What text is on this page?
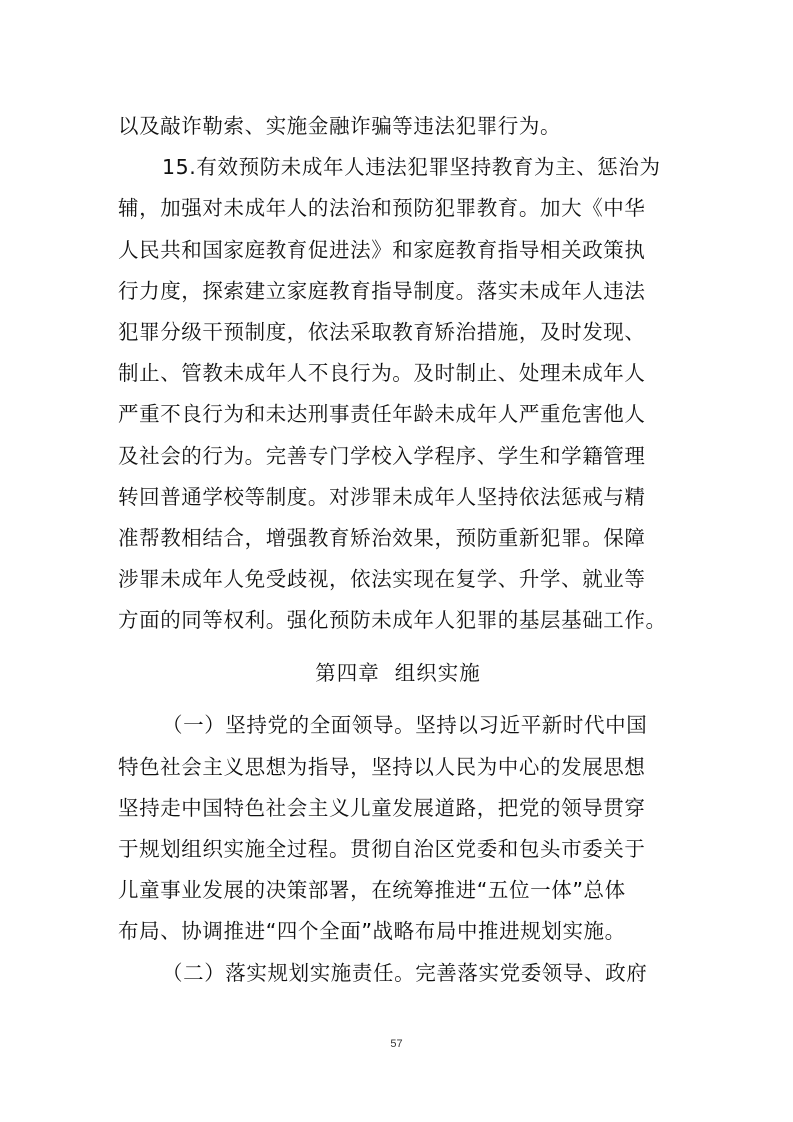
以及敲诈勒索、实施金融诈骗等违法犯罪行为。
15.有效预防未成年人违法犯罪坚持教育为主、惩治为
辅，加强对未成年人的法治和预防犯罪教育。加大《中华
人民共和国家庭教育促进法》和家庭教育指导相关政策执
行力度，探索建立家庭教育指导制度。落实未成年人违法
犯罪分级干预制度，依法采取教育矫治措施，及时发现、
制止、管教未成年人不良行为。及时制止、处理未成年人
严重不良行为和未达刑事责任年龄未成年人严重危害他人
及社会的行为。完善专门学校入学程序、学生和学籍管理
转回普通学校等制度。对涉罪未成年人坚持依法惩戒与精
准帮教相结合，增强教育矫治效果，预防重新犯罪。保障
涉罪未成年人免受歧视，依法实现在复学、升学、就业等
方面的同等权利。强化预防未成年人犯罪的基层基础工作。
第四章  组织实施
（一）坚持党的全面领导。坚持以习近平新时代中国
特色社会主义思想为指导，坚持以人民为中心的发展思想
坚持走中国特色社会主义儿童发展道路，把党的领导贯穿
于规划组织实施全过程。贯彻自治区党委和包头市委关于
儿童事业发展的决策部署，在统筹推进“五位一体”总体
布局、协调推进“四个全面”战略布局中推进规划实施。
（二）落实规划实施责任。完善落实党委领导、政府
57
